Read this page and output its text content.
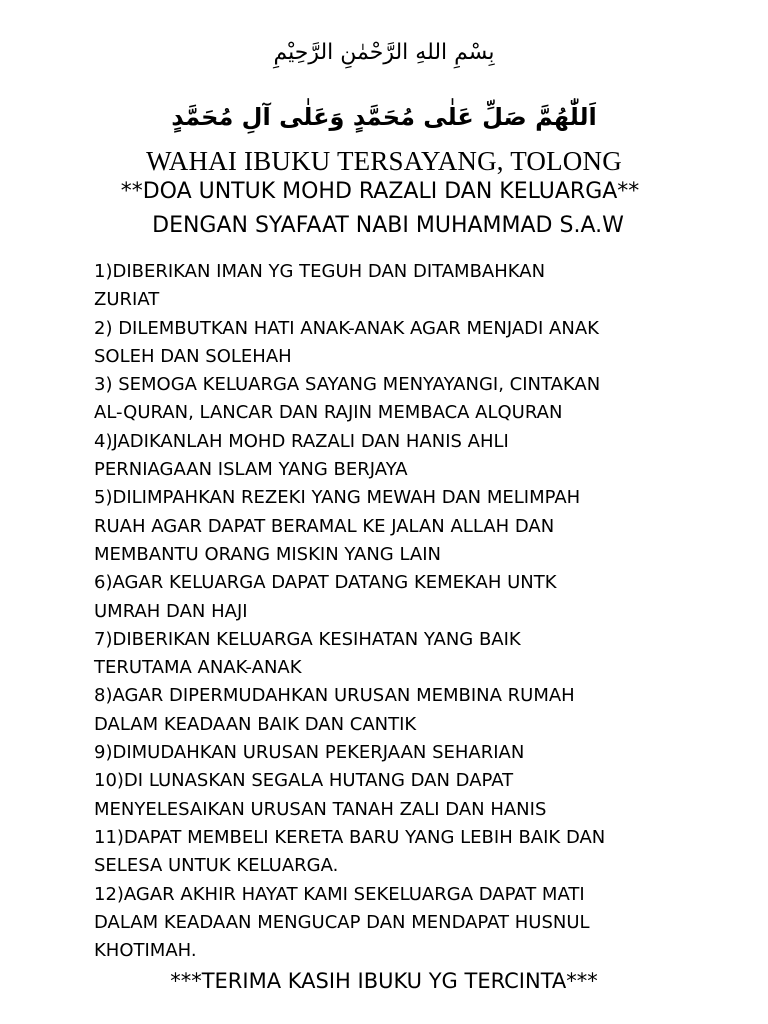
بِسْمِ اللهِ الرَّحْمٰنِ الرَّحِيْمِ
اَللّٰهُمَّ صَلِّ عَلٰى مُحَمَّدٍ وَعَلٰى آلِ مُحَمَّدٍ
WAHAI IBUKU TERSAYANG, TOLONG
**DOA UNTUK MOHD RAZALI DAN KELUARGA**
DENGAN SYAFAAT NABI MUHAMMAD S.A.W
1)DIBERIKAN IMAN YG TEGUH DAN DITAMBAHKAN
ZURIAT
2) DILEMBUTKAN HATI ANAK-ANAK AGAR MENJADI ANAK
SOLEH DAN SOLEHAH
3) SEMOGA KELUARGA SAYANG MENYAYANGI, CINTAKAN
AL-QURAN, LANCAR DAN RAJIN MEMBACA ALQURAN
4)JADIKANLAH MOHD RAZALI DAN HANIS AHLI
PERNIAGAAN ISLAM YANG BERJAYA
5)DILIMPAHKAN REZEKI YANG MEWAH DAN MELIMPAH
RUAH AGAR DAPAT BERAMAL KE JALAN ALLAH DAN
MEMBANTU ORANG MISKIN YANG LAIN
6)AGAR KELUARGA DAPAT DATANG KEMEKAH UNTK
UMRAH DAN HAJI
7)DIBERIKAN KELUARGA KESIHATAN YANG BAIK
TERUTAMA ANAK-ANAK
8)AGAR DIPERMUDAHKAN URUSAN MEMBINA RUMAH
DALAM KEADAAN BAIK DAN CANTIK
9)DIMUDAHKAN URUSAN PEKERJAAN SEHARIAN
10)DI LUNASKAN SEGALA HUTANG DAN DAPAT
MENYELESAIKAN URUSAN TANAH ZALI DAN HANIS
11)DAPAT MEMBELI KERETA BARU YANG LEBIH BAIK DAN
SELESA UNTUK KELUARGA.
12)AGAR AKHIR HAYAT KAMI SEKELUARGA DAPAT MATI
DALAM KEADAAN MENGUCAP DAN MENDAPAT HUSNUL
KHOTIMAH.
***TERIMA KASIH IBUKU YG TERCINTA***
